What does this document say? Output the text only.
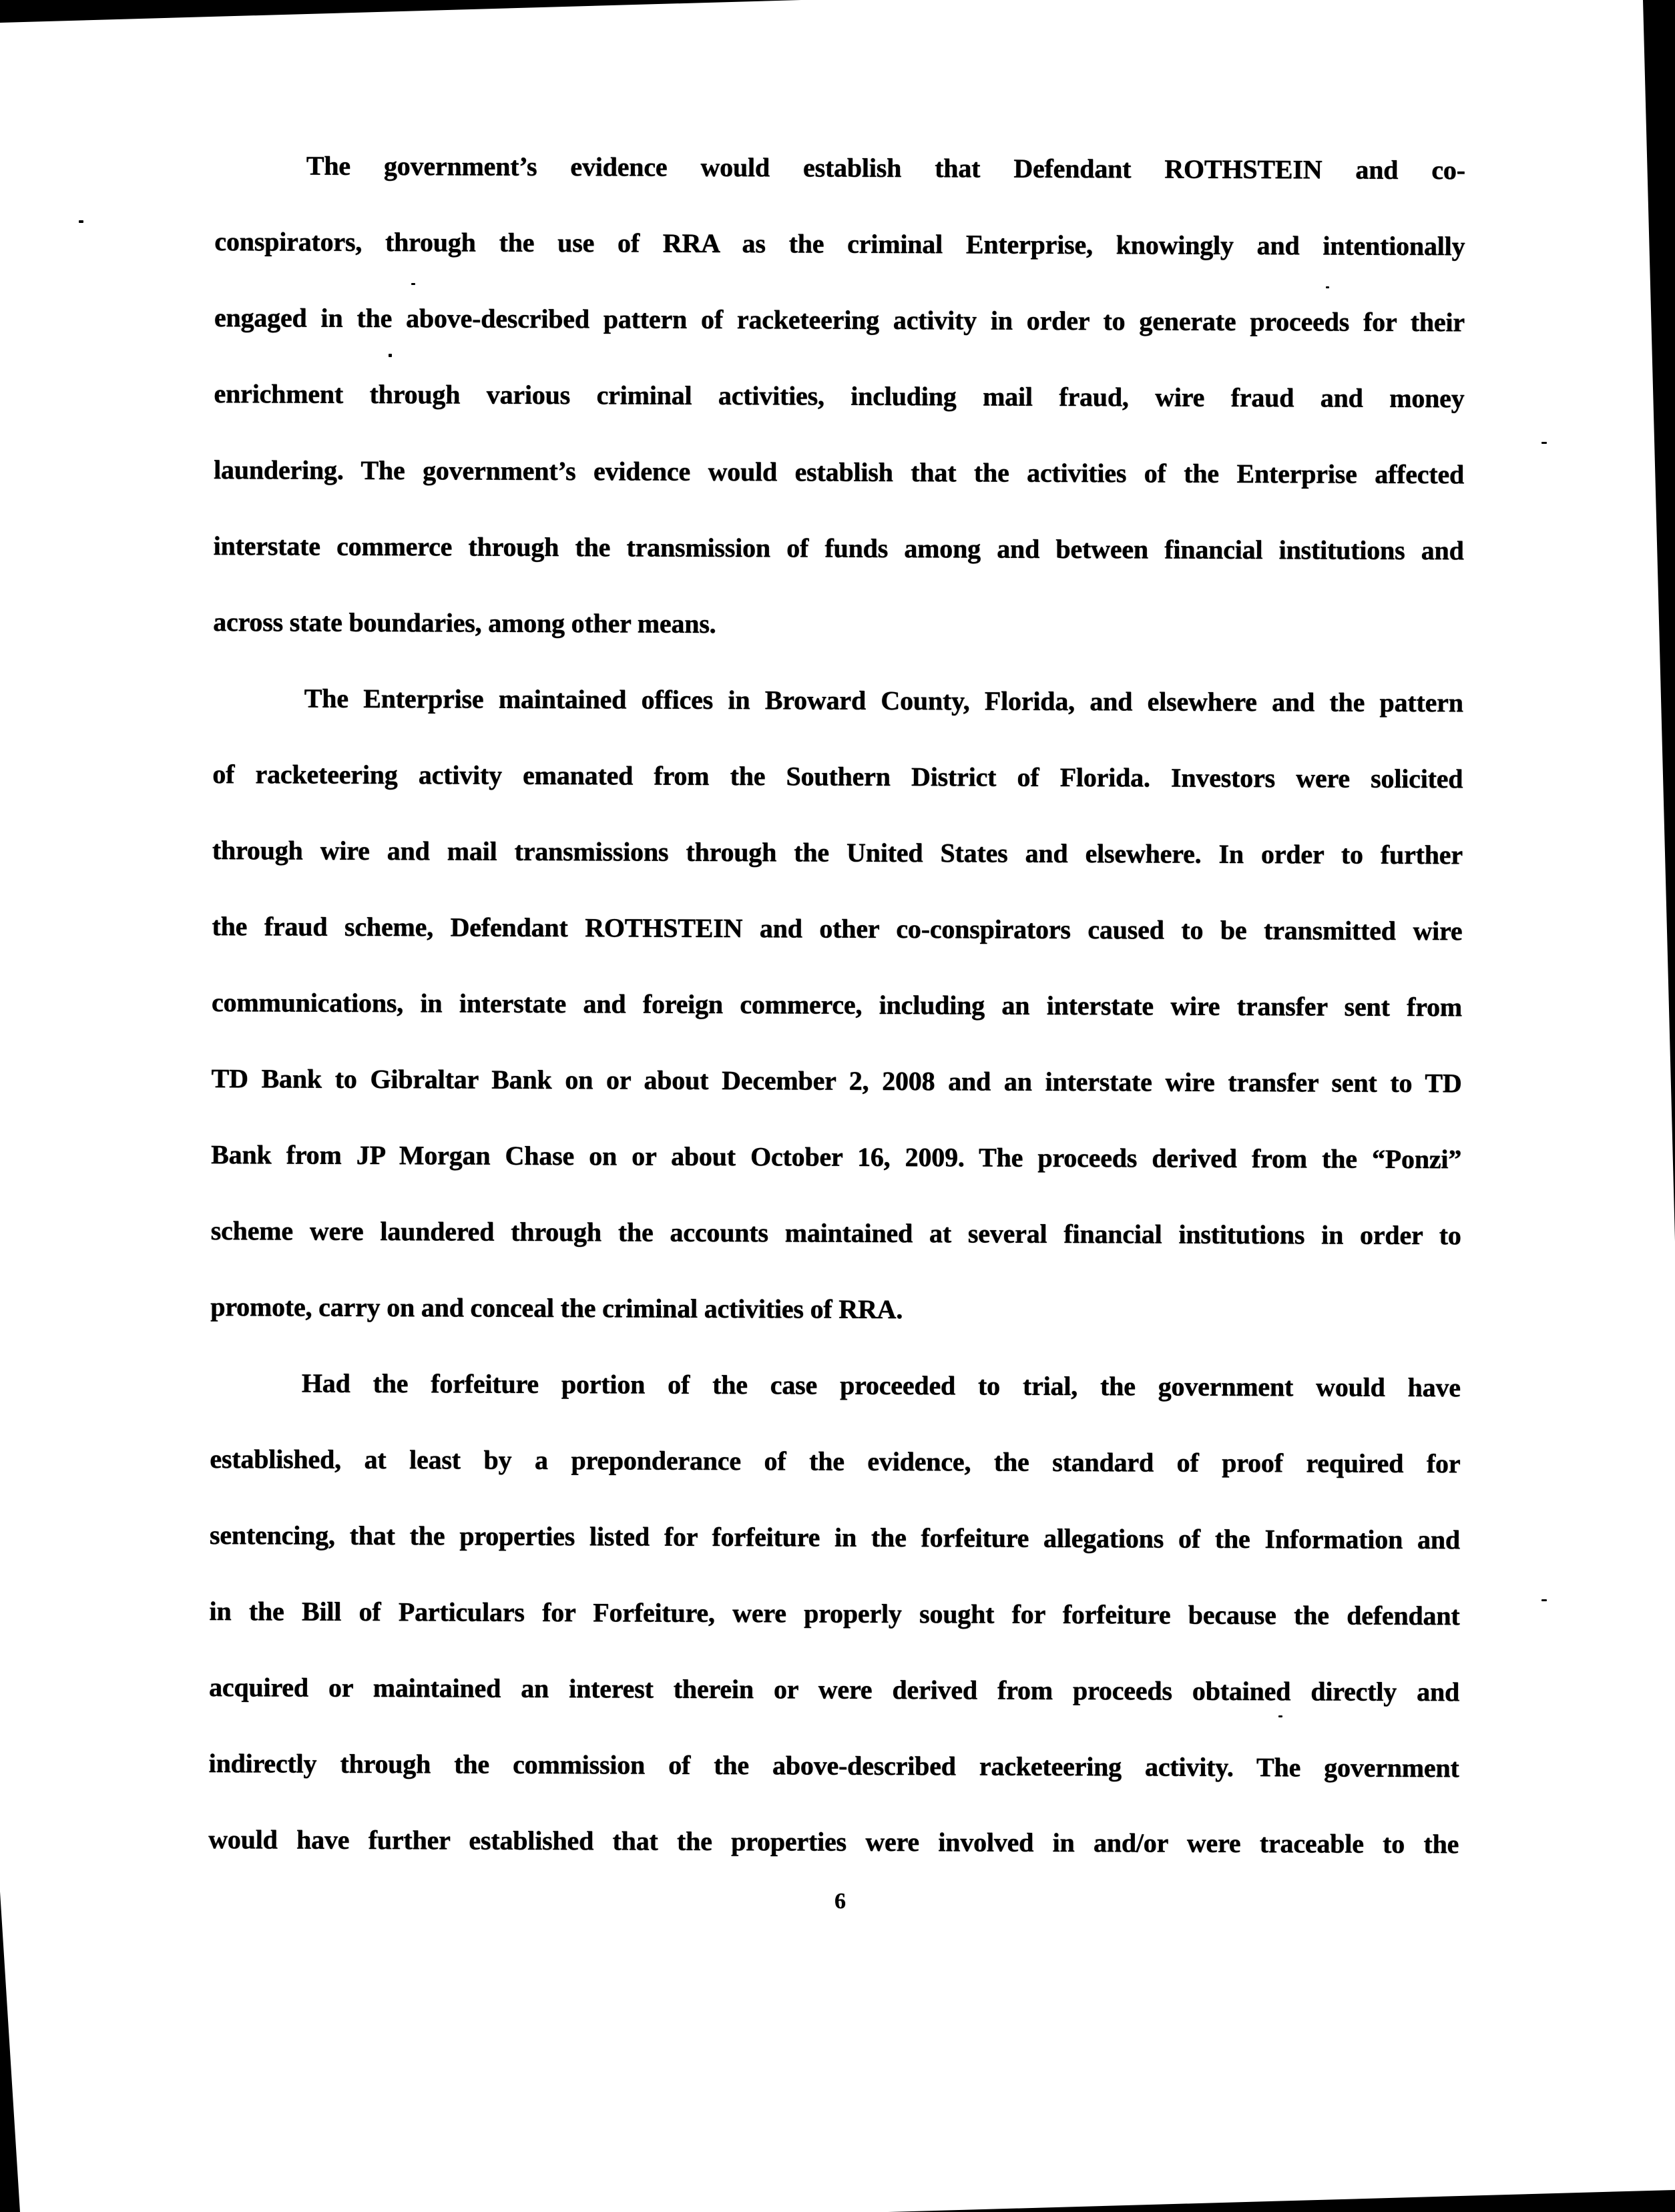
The government’s evidence would establish that Defendant ROTHSTEIN and co-
conspirators, through the use of RRA as the criminal Enterprise, knowingly and intentionally
engaged in the above-described pattern of racketeering activity in order to generate proceeds for their
enrichment through various criminal activities, including mail fraud, wire fraud and money
laundering. The government’s evidence would establish that the activities of the Enterprise affected
interstate commerce through the transmission of funds among and between financial institutions and
across state boundaries, among other means.
The Enterprise maintained offices in Broward County, Florida, and elsewhere and the pattern
of racketeering activity emanated from the Southern District of Florida. Investors were solicited
through wire and mail transmissions through the United States and elsewhere. In order to further
the fraud scheme, Defendant ROTHSTEIN and other co-conspirators caused to be transmitted wire
communications, in interstate and foreign commerce, including an interstate wire transfer sent from
TD Bank to Gibraltar Bank on or about December 2, 2008 and an interstate wire transfer sent to TD
Bank from JP Morgan Chase on or about October 16, 2009. The proceeds derived from the “Ponzi”
scheme were laundered through the accounts maintained at several financial institutions in order to
promote, carry on and conceal the criminal activities of RRA.
Had the forfeiture portion of the case proceeded to trial, the government would have
established, at least by a preponderance of the evidence, the standard of proof required for
sentencing, that the properties listed for forfeiture in the forfeiture allegations of the Information and
in the Bill of Particulars for Forfeiture, were properly sought for forfeiture because the defendant
acquired or maintained an interest therein or were derived from proceeds obtained directly and
indirectly through the commission of the above-described racketeering activity. The government
would have further established that the properties were involved in and/or were traceable to the
6
